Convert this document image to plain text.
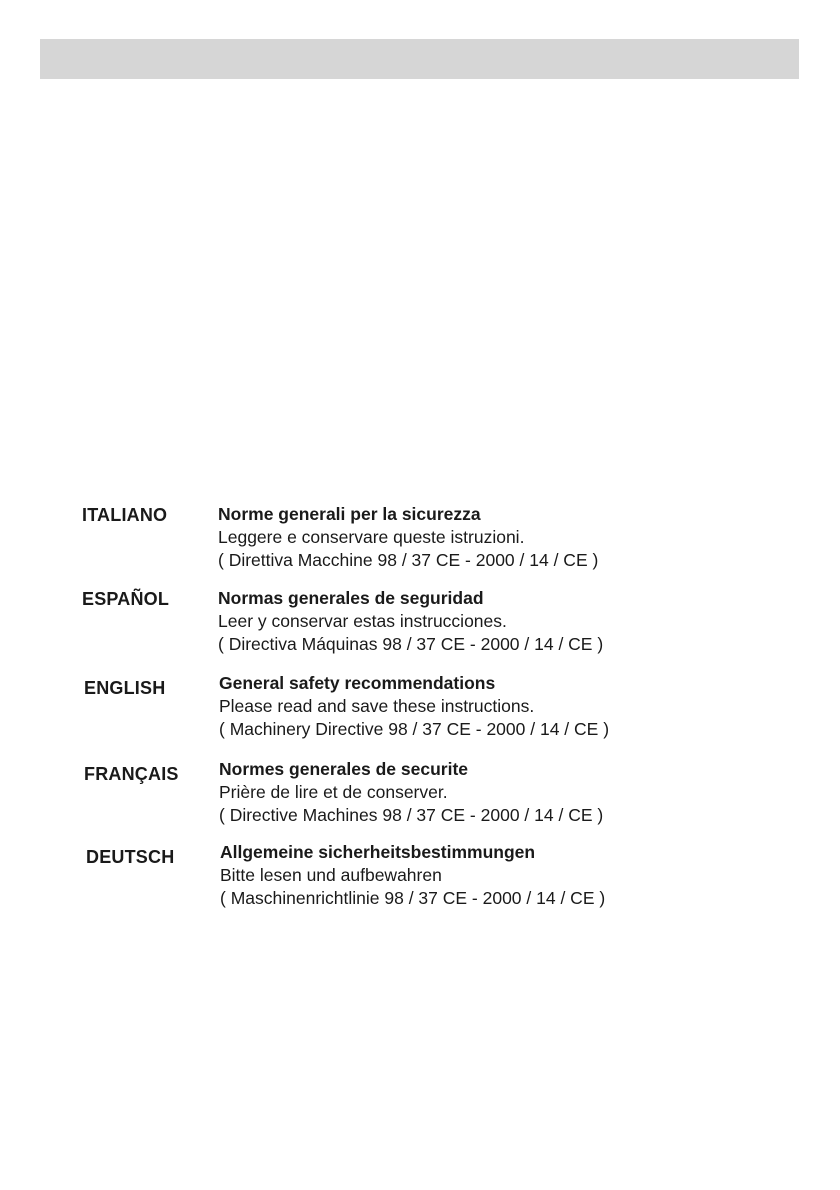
ITALIANO	Norme generali per la sicurezza
Leggere e conservare queste istruzioni.
( Direttiva Macchine 98 / 37 CE - 2000 / 14 / CE )
ESPAÑOL	Normas generales de seguridad
Leer y conservar estas instrucciones.
( Directiva Máquinas 98 / 37 CE - 2000 / 14 / CE )
ENGLISH	General safety recommendations
Please read and save these instructions.
( Machinery Directive 98 / 37 CE - 2000 / 14 / CE )
FRANÇAIS Normes generales de securite
Prière de lire et de conserver.
( Directive Machines 98 / 37 CE - 2000 / 14 / CE )
DEUTSCH	Allgemeine sicherheitsbestimmungen
Bitte lesen und aufbewahren
( Maschinenrichtlinie 98 / 37 CE - 2000 / 14 / CE )
